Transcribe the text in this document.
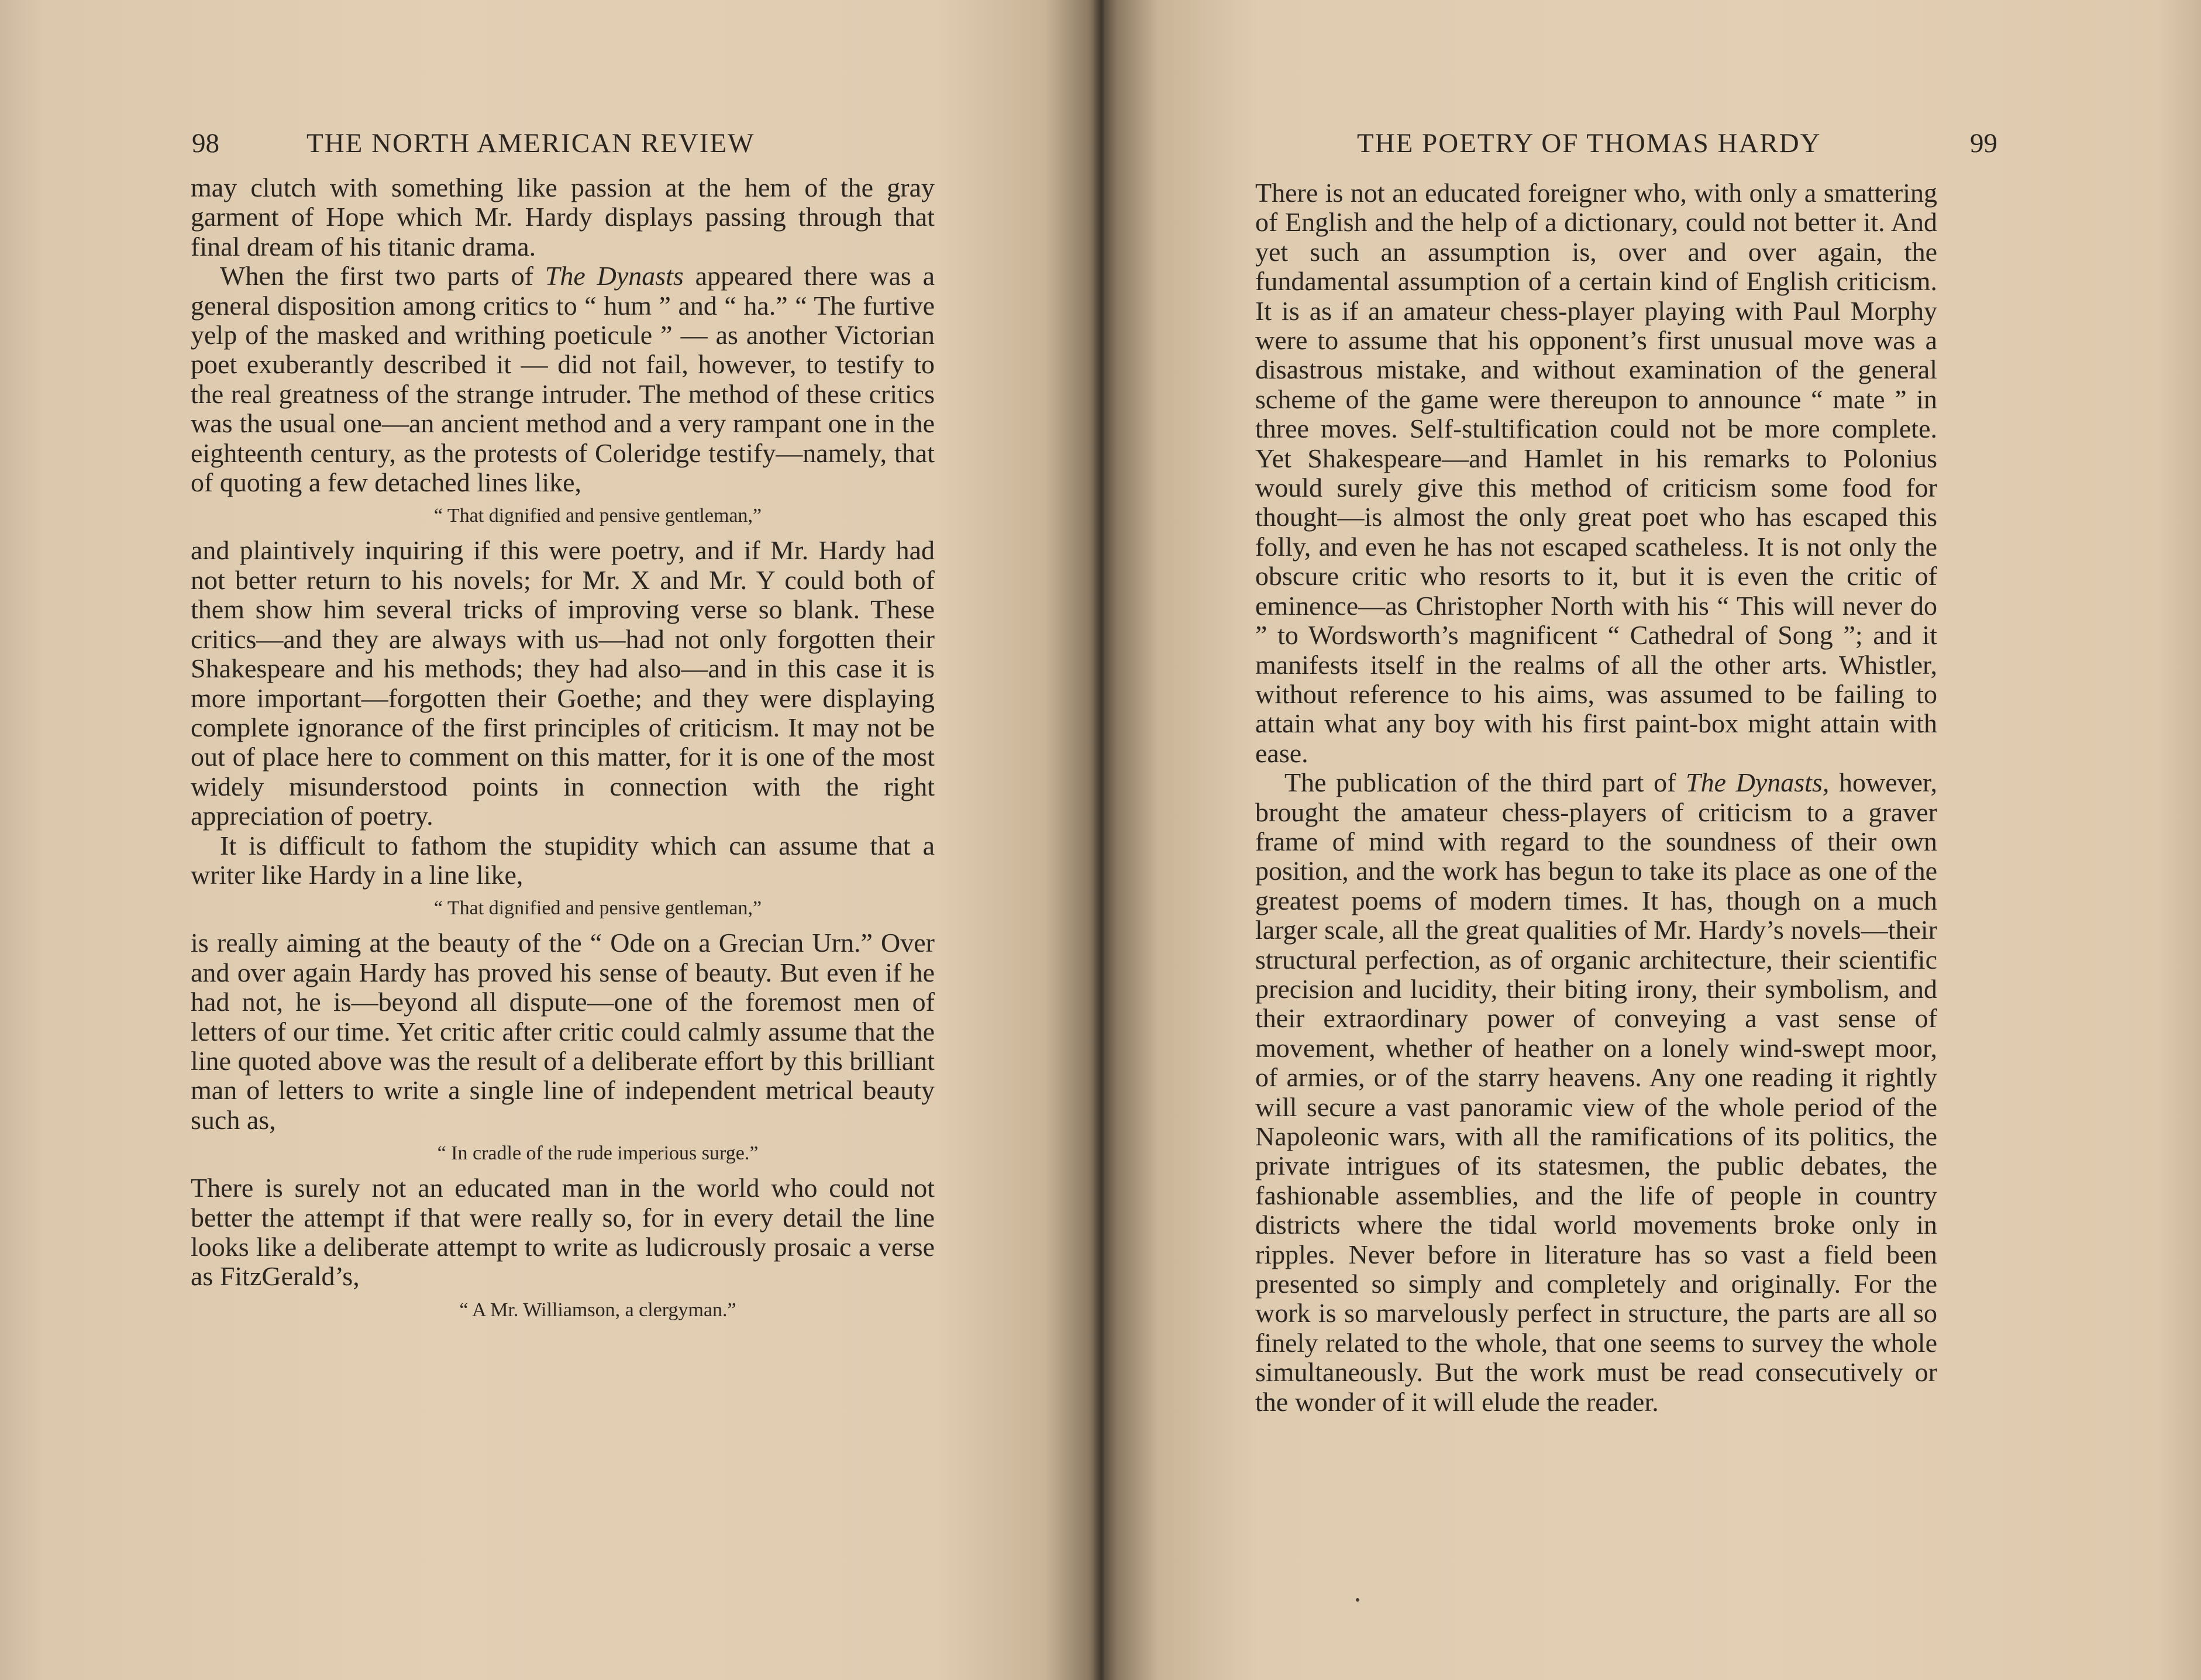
98	THE NORTH AMERICAN REVIEW

may clutch with something like passion at the hem of the gray garment of Hope which Mr. Hardy displays passing through that final dream of his titanic drama.

When the first two parts of The Dynasts appeared there was a general disposition among critics to “ hum ” and “ ha.” “ The furtive yelp of the masked and writhing poeticule ” — as another Victorian poet exuberantly described it — did not fail, however, to testify to the real greatness of the strange intruder. The method of these critics was the usual one—an ancient method and a very rampant one in the eighteenth century, as the protests of Coleridge testify—namely, that of quoting a few detached lines like,

“ That dignified and pensive gentleman,”

and plaintively inquiring if this were poetry, and if Mr. Hardy had not better return to his novels; for Mr. X and Mr. Y could both of them show him several tricks of improving verse so blank. These critics—and they are always with us—had not only forgotten their Shakespeare and his methods; they had also—and in this case it is more important—forgotten their Goethe; and they were displaying complete ignorance of the first principles of criticism. It may not be out of place here to comment on this matter, for it is one of the most widely misunderstood points in connection with the right appreciation of poetry.

It is difficult to fathom the stupidity which can assume that a writer like Hardy in a line like,

“ That dignified and pensive gentleman,”

is really aiming at the beauty of the “ Ode on a Grecian Urn.” Over and over again Hardy has proved his sense of beauty. But even if he had not, he is—beyond all dispute—one of the foremost men of letters of our time. Yet critic after critic could calmly assume that the line quoted above was the result of a deliberate effort by this brilliant man of letters to write a single line of independent metrical beauty such as,

“ In cradle of the rude imperious surge.”

There is surely not an educated man in the world who could not better the attempt if that were really so, for in every detail the line looks like a deliberate attempt to write as ludicrously prosaic a verse as FitzGerald’s,

“ A Mr. Williamson, a clergyman.”
THE POETRY OF THOMAS HARDY	99

There is not an educated foreigner who, with only a smattering of English and the help of a dictionary, could not better it. And yet such an assumption is, over and over again, the fundamental assumption of a certain kind of English criticism. It is as if an amateur chess-player playing with Paul Morphy were to assume that his opponent’s first unusual move was a disastrous mistake, and without examination of the general scheme of the game were thereupon to announce “ mate ” in three moves. Self-stultification could not be more complete. Yet Shakespeare—and Hamlet in his remarks to Polonius would surely give this method of criticism some food for thought—is almost the only great poet who has escaped this folly, and even he has not escaped scatheless. It is not only the obscure critic who resorts to it, but it is even the critic of eminence—as Christopher North with his “ This will never do ” to Wordsworth’s magnificent “ Cathedral of Song ”; and it manifests itself in the realms of all the other arts. Whistler, without reference to his aims, was assumed to be failing to attain what any boy with his first paint-box might attain with ease.

The publication of the third part of The Dynasts, however, brought the amateur chess-players of criticism to a graver frame of mind with regard to the soundness of their own position, and the work has begun to take its place as one of the greatest poems of modern times. It has, though on a much larger scale, all the great qualities of Mr. Hardy’s novels—their structural perfection, as of organic architecture, their scientific precision and lucidity, their biting irony, their symbolism, and their extraordinary power of conveying a vast sense of movement, whether of heather on a lonely wind-swept moor, of armies, or of the starry heavens. Any one reading it rightly will secure a vast panoramic view of the whole period of the Napoleonic wars, with all the ramifications of its politics, the private intrigues of its statesmen, the public debates, the fashionable assemblies, and the life of people in country districts where the tidal world movements broke only in ripples. Never before in literature has so vast a field been presented so simply and completely and originally. For the work is so marvelously perfect in structure, the parts are all so finely related to the whole, that one seems to survey the whole simultaneously. But the work must be read consecutively or the wonder of it will elude the reader.
